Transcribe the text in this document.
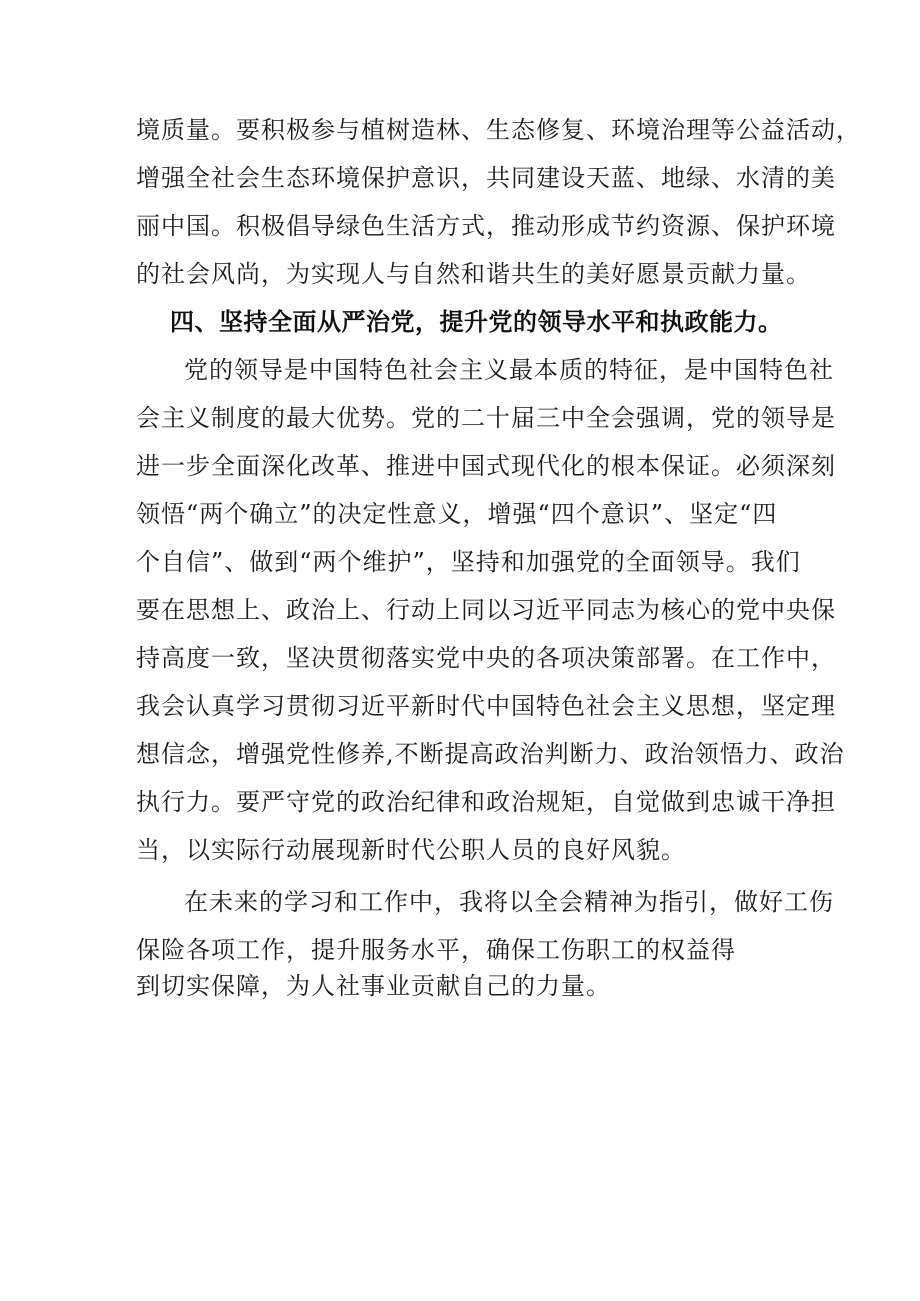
境质量。要积极参与植树造林、生态修复、环境治理等公益活动，
增强全社会生态环境保护意识，共同建设天蓝、地绿、水清的美
丽中国。积极倡导绿色生活方式，推动形成节约资源、保护环境
的社会风尚，为实现人与自然和谐共生的美好愿景贡献力量。
四、坚持全面从严治党，提升党的领导水平和执政能力。
党的领导是中国特色社会主义最本质的特征，是中国特色社
会主义制度的最大优势。党的二十届三中全会强调，党的领导是
进一步全面深化改革、推进中国式现代化的根本保证。必须深刻
领悟“两个确立”的决定性意义，增强“四个意识”、坚定“四
个自信”、做到“两个维护”，坚持和加强党的全面领导。我们
要在思想上、政治上、行动上同以习近平同志为核心的党中央保
持高度一致，坚决贯彻落实党中央的各项决策部署。在工作中，
我会认真学习贯彻习近平新时代中国特色社会主义思想，坚定理
想信念，增强党性修养,不断提高政治判断力、政治领悟力、政治
执行力。要严守党的政治纪律和政治规矩，自觉做到忠诚干净担
当，以实际行动展现新时代公职人员的良好风貌。
在未来的学习和工作中，我将以全会精神为指引，做好工伤
保险各项工作，提升服务水平，确保工伤职工的权益得
到切实保障，为人社事业贡献自己的力量。
